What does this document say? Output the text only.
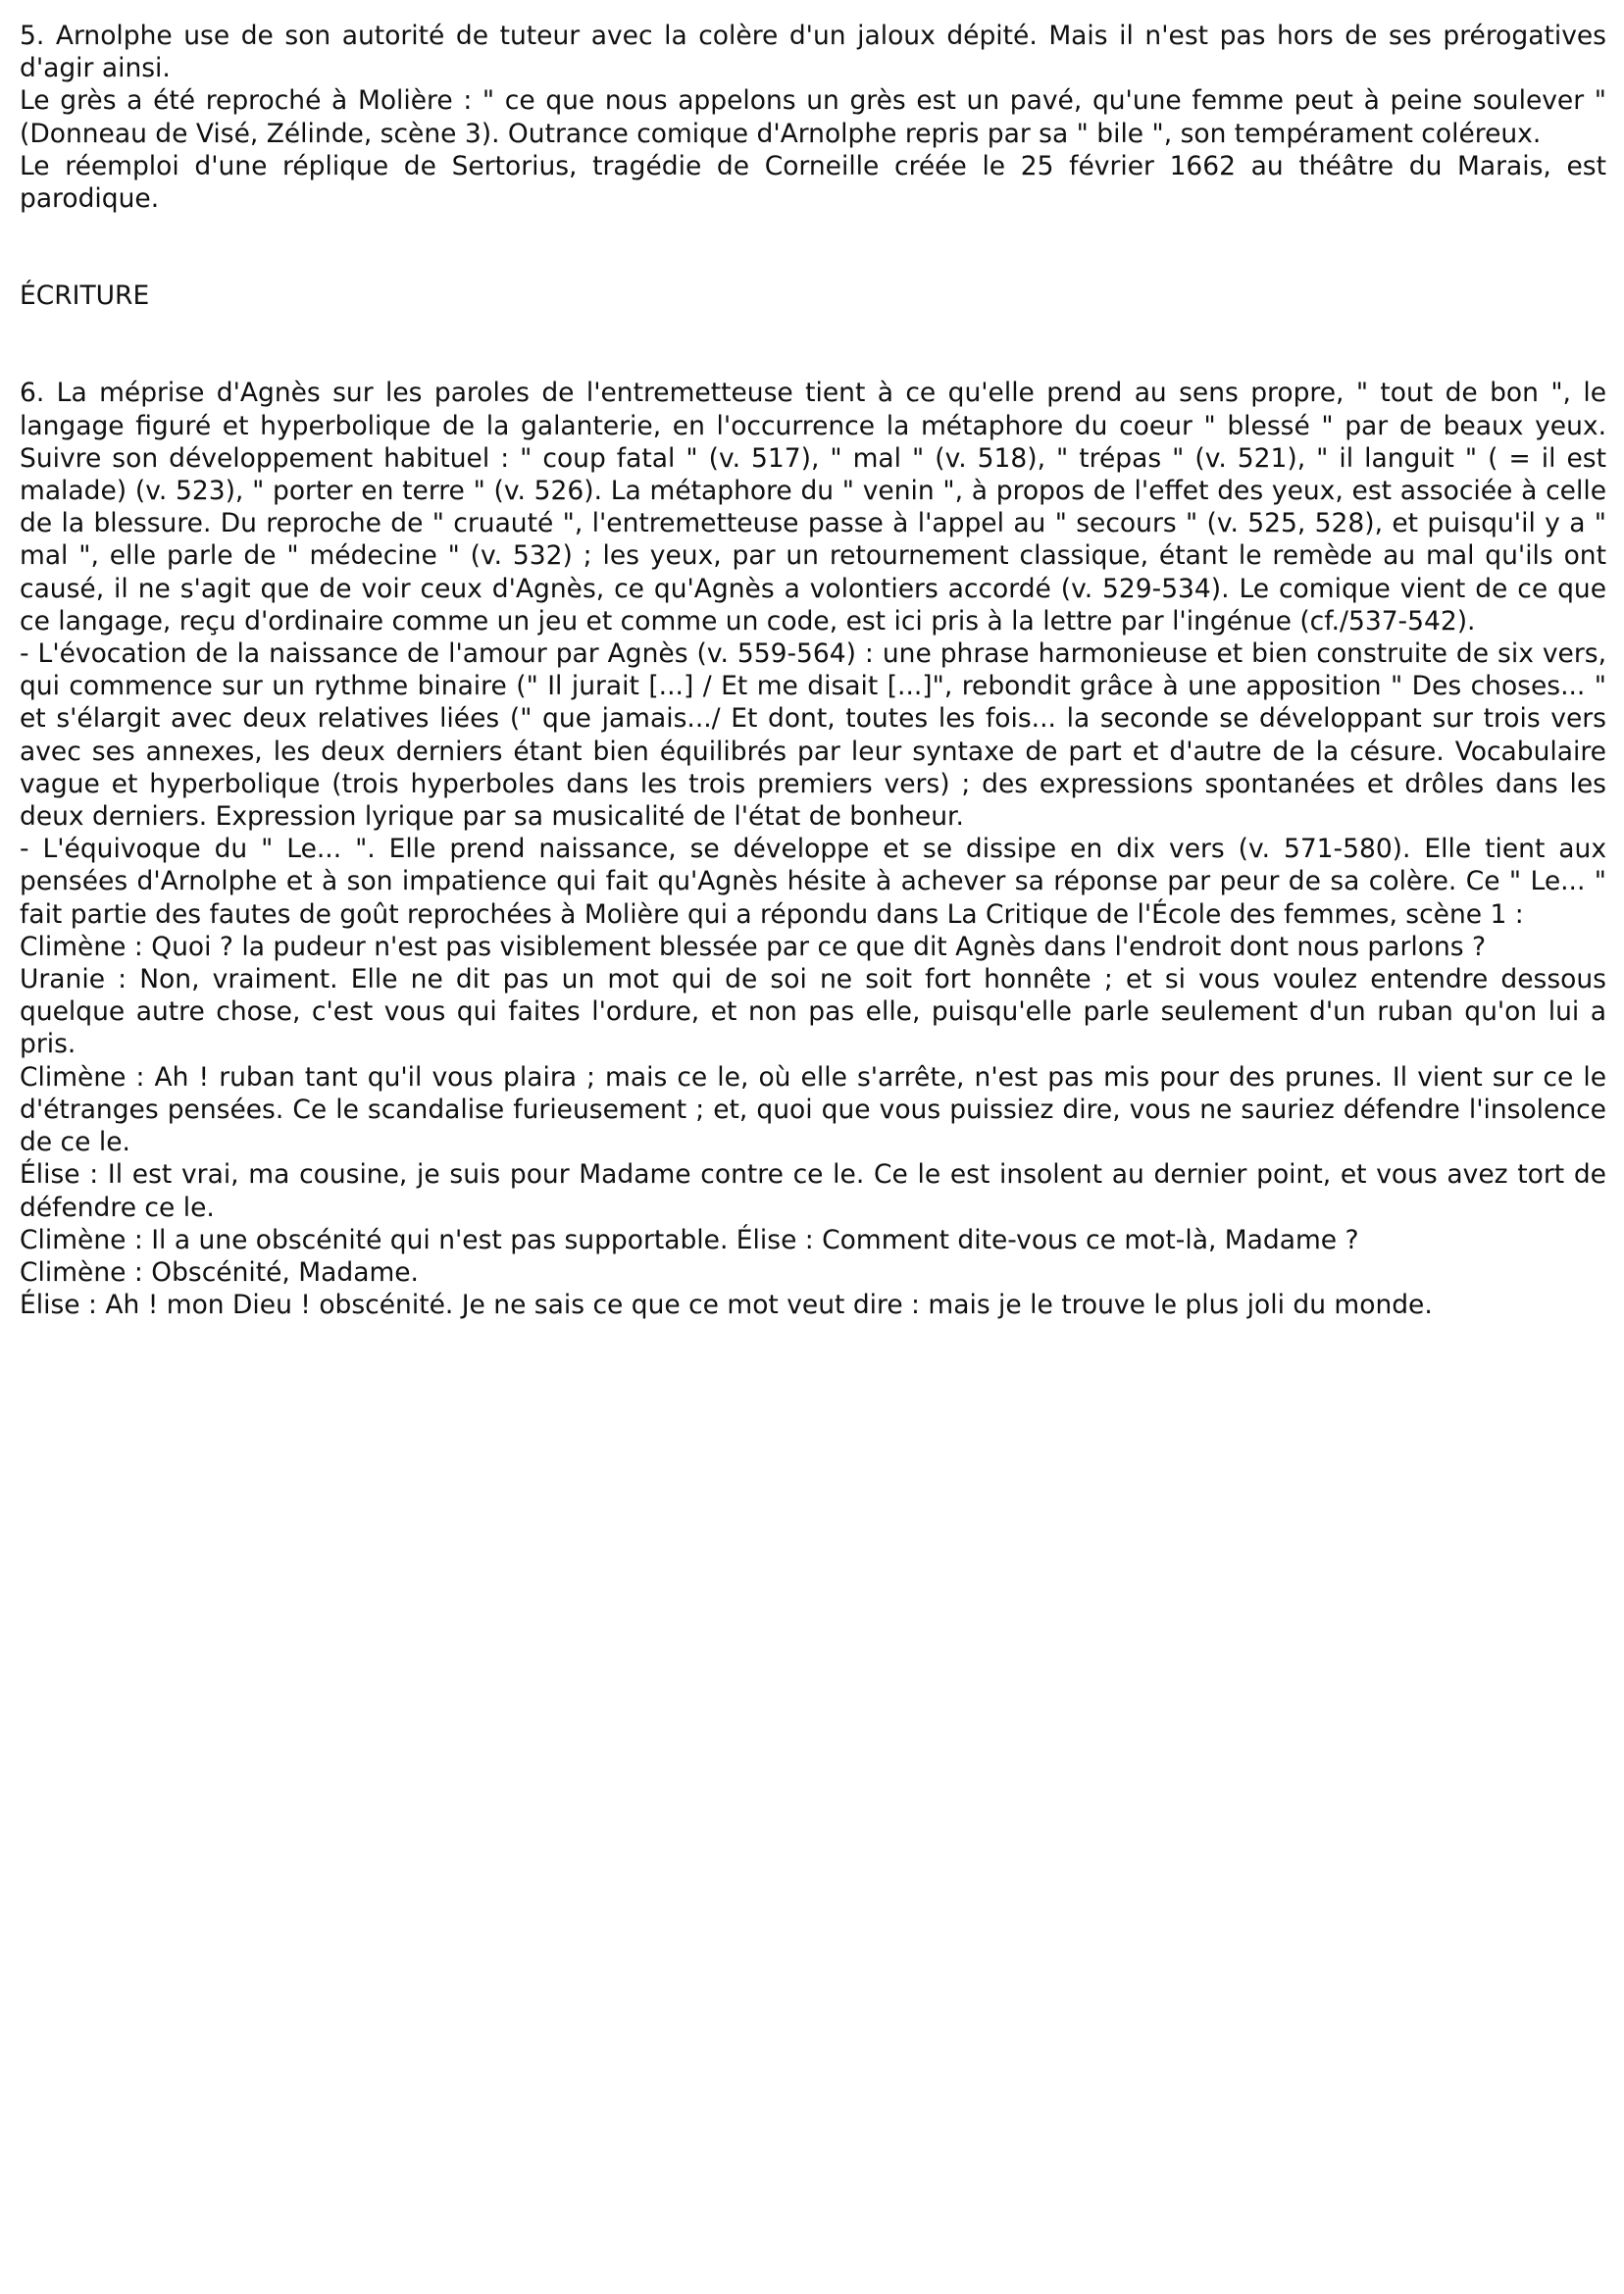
5. Arnolphe use de son autorité de tuteur avec la colère d'un jaloux dépité. Mais il n'est pas hors de ses prérogatives d'agir ainsi.

Le grès a été reproché à Molière : " ce que nous appelons un grès est un pavé, qu'une femme peut à peine soulever " (Donneau de Visé, Zélinde, scène 3). Outrance comique d'Arnolphe repris par sa " bile ", son tempérament coléreux.

Le réemploi d'une réplique de Sertorius, tragédie de Corneille créée le 25 février 1662 au théâtre du Marais, est parodique.

ÉCRITURE

6. La méprise d'Agnès sur les paroles de l'entremetteuse tient à ce qu'elle prend au sens propre, " tout de bon ", le langage figuré et hyperbolique de la galanterie, en l'occurrence la métaphore du coeur " blessé " par de beaux yeux. Suivre son développement habituel : " coup fatal " (v. 517), " mal " (v. 518), " trépas " (v. 521), " il languit " ( = il est malade) (v. 523), " porter en terre " (v. 526). La métaphore du " venin ", à propos de l'effet des yeux, est associée à celle de la blessure. Du reproche de " cruauté ", l'entremetteuse passe à l'appel au " secours " (v. 525, 528), et puisqu'il y a " mal ", elle parle de " médecine " (v. 532) ; les yeux, par un retournement classique, étant le remède au mal qu'ils ont causé, il ne s'agit que de voir ceux d'Agnès, ce qu'Agnès a volontiers accordé (v. 529-534). Le comique vient de ce que ce langage, reçu d'ordinaire comme un jeu et comme un code, est ici pris à la lettre par l'ingénue (cf./537-542).

- L'évocation de la naissance de l'amour par Agnès (v. 559-564) : une phrase harmonieuse et bien construite de six vers, qui commence sur un rythme binaire (" Il jurait [...] / Et me disait [...]", rebondit grâce à une apposition " Des choses... " et s'élargit avec deux relatives liées (" que jamais.../ Et dont, toutes les fois... la seconde se développant sur trois vers avec ses annexes, les deux derniers étant bien équilibrés par leur syntaxe de part et d'autre de la césure. Vocabulaire vague et hyperbolique (trois hyperboles dans les trois premiers vers) ; des expressions spontanées et drôles dans les deux derniers. Expression lyrique par sa musicalité de l'état de bonheur.

- L'équivoque du " Le... ". Elle prend naissance, se développe et se dissipe en dix vers (v. 571-580). Elle tient aux pensées d'Arnolphe et à son impatience qui fait qu'Agnès hésite à achever sa réponse par peur de sa colère. Ce " Le... " fait partie des fautes de goût reprochées à Molière qui a répondu dans La Critique de l'École des femmes, scène 1 :

Climène : Quoi ? la pudeur n'est pas visiblement blessée par ce que dit Agnès dans l'endroit dont nous parlons ?

Uranie : Non, vraiment. Elle ne dit pas un mot qui de soi ne soit fort honnête ; et si vous voulez entendre dessous quelque autre chose, c'est vous qui faites l'ordure, et non pas elle, puisqu'elle parle seulement d'un ruban qu'on lui a pris.

Climène : Ah ! ruban tant qu'il vous plaira ; mais ce le, où elle s'arrête, n'est pas mis pour des prunes. Il vient sur ce le d'étranges pensées. Ce le scandalise furieusement ; et, quoi que vous puissiez dire, vous ne sauriez défendre l'insolence de ce le.

Élise : Il est vrai, ma cousine, je suis pour Madame contre ce le. Ce le est insolent au dernier point, et vous avez tort de défendre ce le.

Climène : Il a une obscénité qui n'est pas supportable. Élise : Comment dite-vous ce mot-là, Madame ?

Climène : Obscénité, Madame.

Élise : Ah ! mon Dieu ! obscénité. Je ne sais ce que ce mot veut dire : mais je le trouve le plus joli du monde.
